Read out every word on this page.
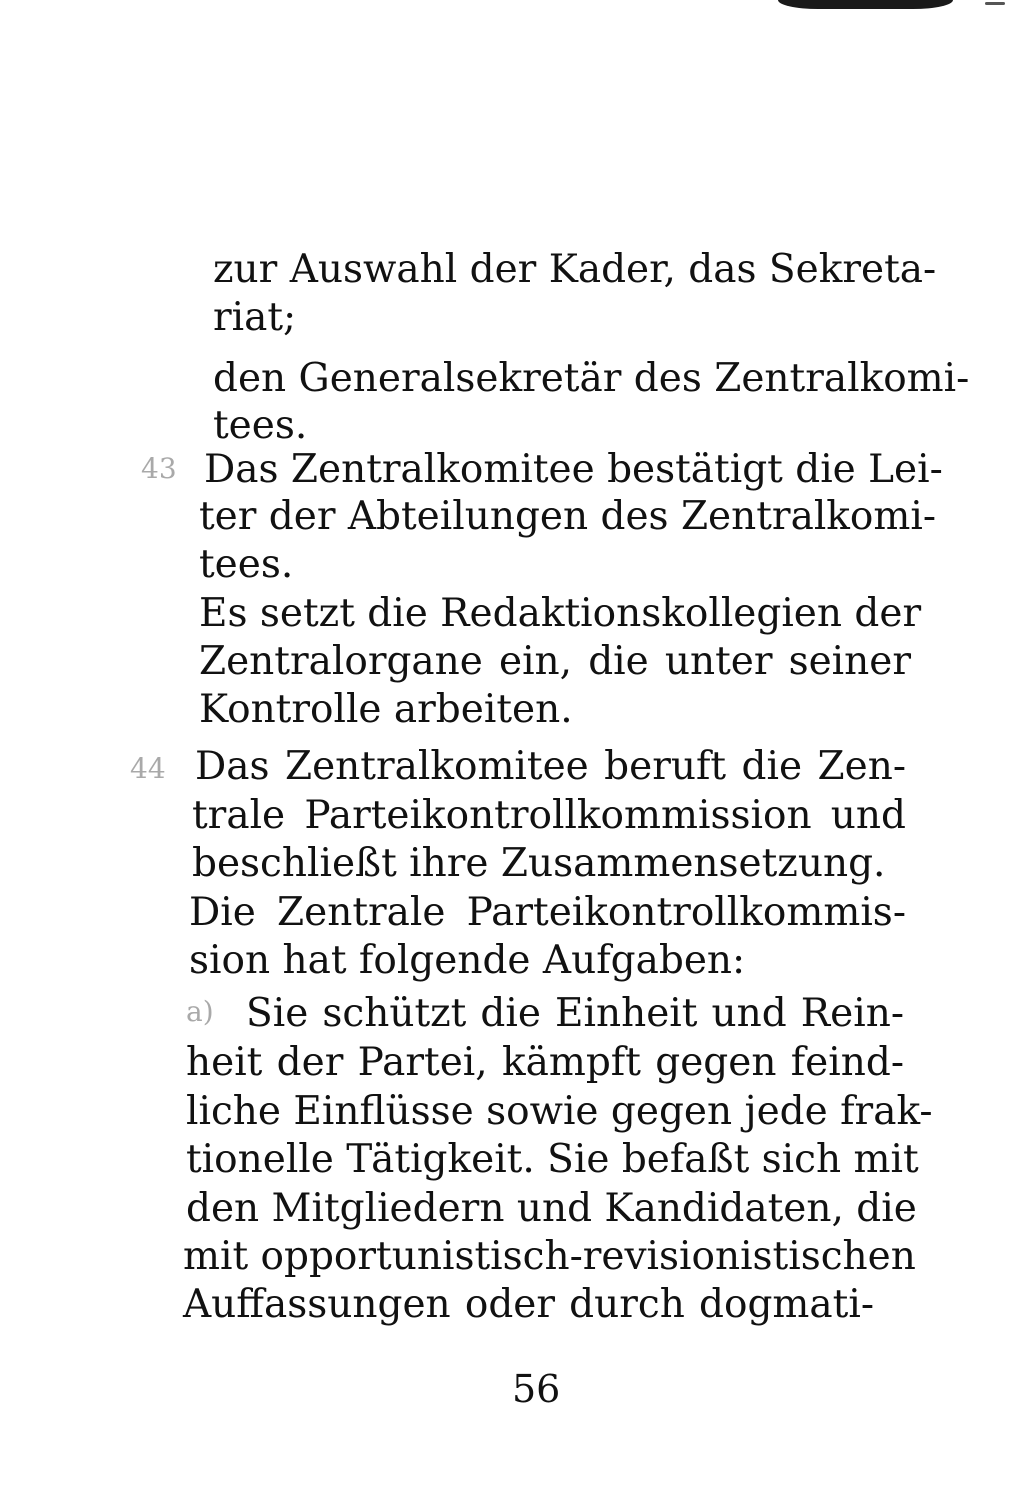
zur Auswahl der Kader, das Sekreta-
riat;
den Generalsekretär des Zentralkomi-
tees.
43 Das Zentralkomitee bestätigt die Lei-
ter der Abteilungen des Zentralkomi-
tees.
Es setzt die Redaktionskollegien der
Zentralorgane ein, die unter seiner
Kontrolle arbeiten.
44 Das Zentralkomitee beruft die Zen-
trale Parteikontrollkommission und
beschließt ihre Zusammensetzung.
Die Zentrale Parteikontrollkommis-
sion hat folgende Aufgaben:
a) Sie schützt die Einheit und Rein-
heit der Partei, kämpft gegen feind-
liche Einflüsse sowie gegen jede frak-
tionelle Tätigkeit. Sie befaßt sich mit
den Mitgliedern und Kandidaten, die
mit opportunistisch-revisionistischen
Auffassungen oder durch dogmati-
56
